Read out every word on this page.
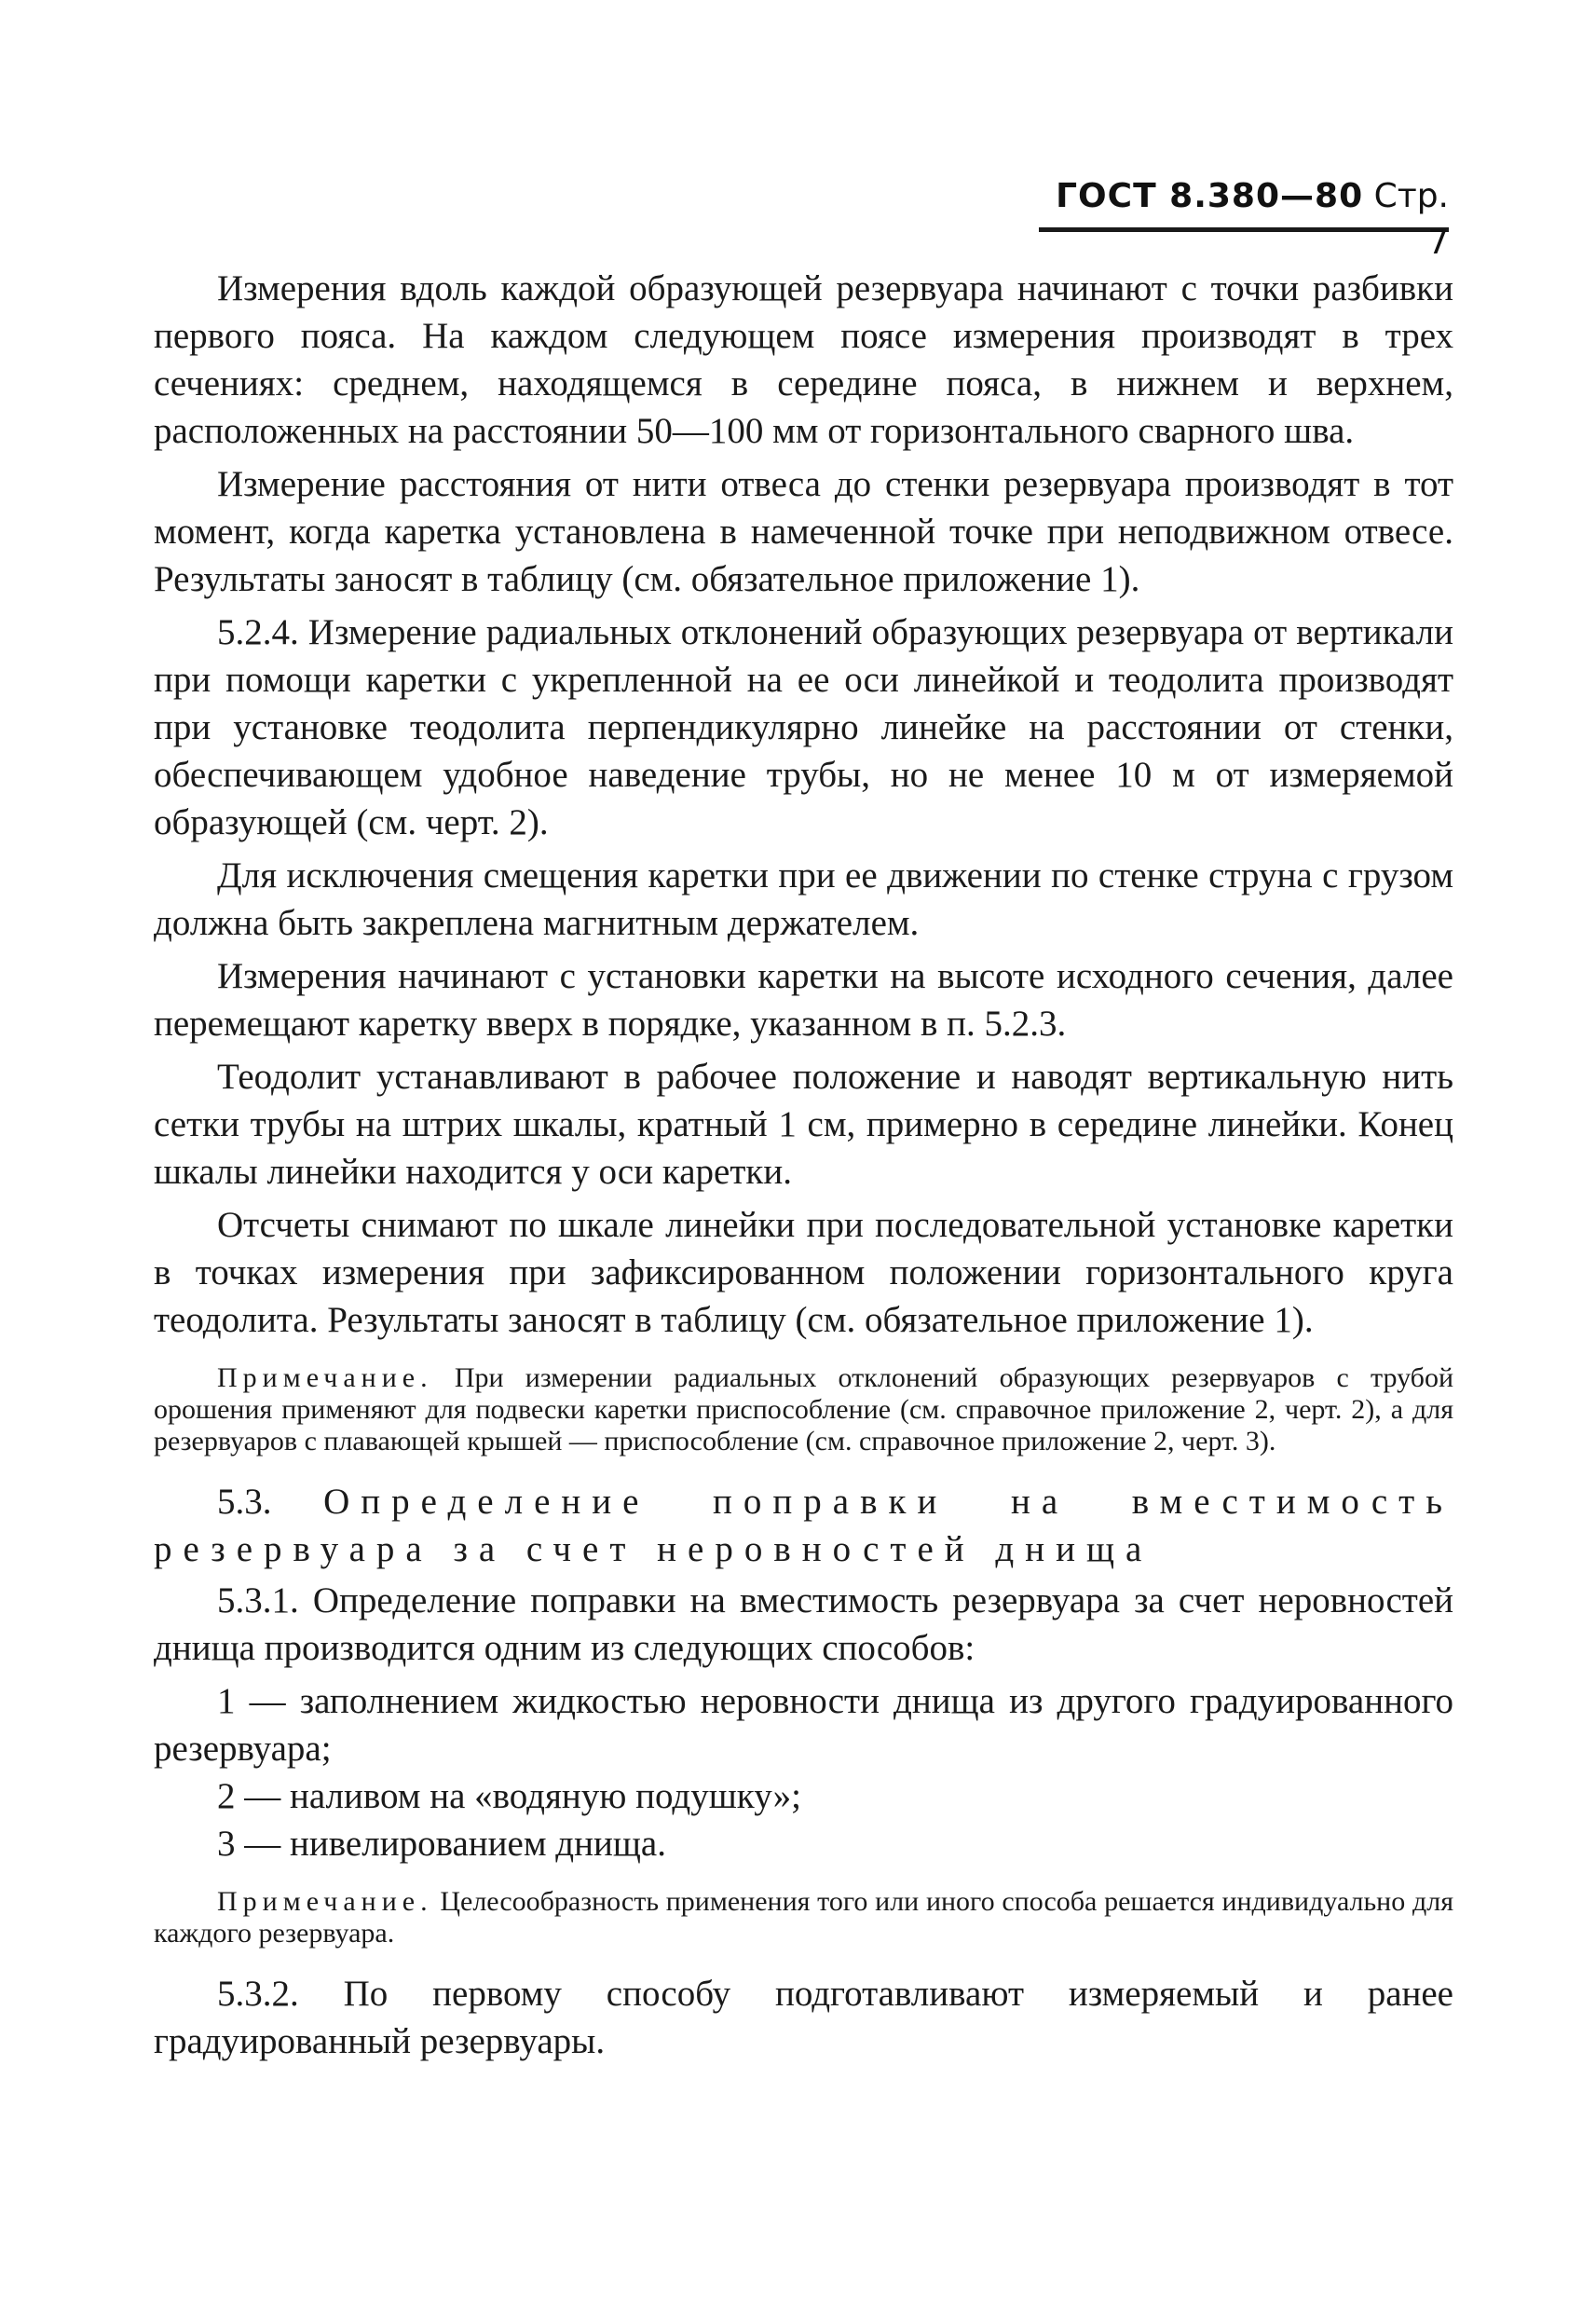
ГОСТ 8.380—80 Стр. 7

Измерения вдоль каждой образующей резервуара начинают с точки разбивки первого пояса. На каждом следующем поясе измерения производят в трех сечениях: среднем, находящемся в середине пояса, в нижнем и верхнем, расположенных на расстоянии 50—100 мм от горизонтального сварного шва.

Измерение расстояния от нити отвеса до стенки резервуара производят в тот момент, когда каретка установлена в намеченной точке при неподвижном отвесе. Результаты заносят в таблицу (см. обязательное приложение 1).

5.2.4. Измерение радиальных отклонений образующих резервуара от вертикали при помощи каретки с укрепленной на ее оси линейкой и теодолита производят при установке теодолита перпендикулярно линейке на расстоянии от стенки, обеспечивающем удобное наведение трубы, но не менее 10 м от измеряемой образующей (см. черт. 2).

Для исключения смещения каретки при ее движении по стенке струна с грузом должна быть закреплена магнитным держателем.

Измерения начинают с установки каретки на высоте исходного сечения, далее перемещают каретку вверх в порядке, указанном в п. 5.2.3.

Теодолит устанавливают в рабочее положение и наводят вертикальную нить сетки трубы на штрих шкалы, кратный 1 см, примерно в середине линейки. Конец шкалы линейки находится у оси каретки.

Отсчеты снимают по шкале линейки при последовательной установке каретки в точках измерения при зафиксированном положении горизонтального круга теодолита. Результаты заносят в таблицу (см. обязательное приложение 1).

Примечание. При измерении радиальных отклонений образующих резервуаров с трубой орошения применяют для подвески каретки приспособление (см. справочное приложение 2, черт. 2), а для резервуаров с плавающей крышей — приспособление (см. справочное приложение 2, черт. 3).

5.3. Определение поправки на вместимость резервуара за счет неровностей днища

5.3.1. Определение поправки на вместимость резервуара за счет неровностей днища производится одним из следующих способов:

1 — заполнением жидкостью неровности днища из другого градуированного резервуара;

2 — наливом на «водяную подушку»;

3 — нивелированием днища.

Примечание. Целесообразность применения того или иного способа решается индивидуально для каждого резервуара.

5.3.2. По первому способу подготавливают измеряемый и ранее градуированный резервуары.
